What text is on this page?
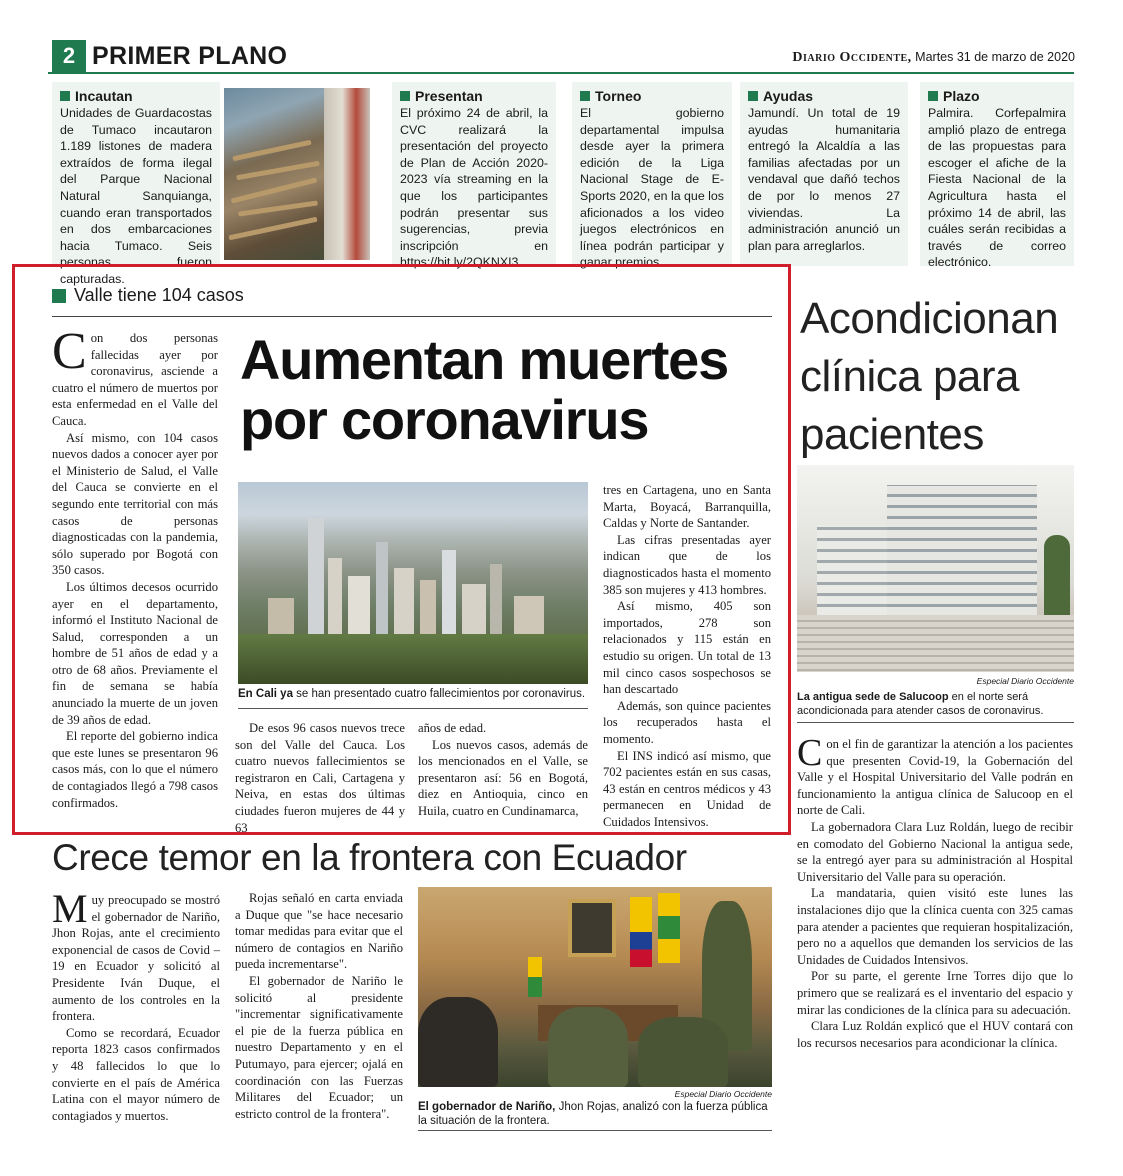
2 PRIMER PLANO	Diario Occidente, Martes 31 de marzo de 2020
Incautan

Unidades de Guardacostas de Tumaco incautaron 1.189 listones de madera extraídos de forma ilegal del Parque Nacional Natural Sanquianga, cuando eran transportados en dos embarcaciones hacia Tumaco. Seis personas fueron capturadas.

Presentan

El próximo 24 de abril, la CVC realizará la presentación del proyecto de Plan de Acción 2020-2023 vía streaming en la que los participantes podrán presentar sus sugerencias, previa inscripción en https://bit.ly/2QKNXI3

Torneo

El gobierno departamental impulsa desde ayer la primera edición de la Liga Nacional Stage de E-Sports 2020, en la que los aficionados a los video juegos electrónicos en línea podrán participar y ganar premios.

Ayudas

Jamundí. Un total de 19 ayudas humanitaria entregó la Alcaldía a las familias afectadas por un vendaval que dañó techos de por lo menos 27 viviendas. La administración anunció un plan para arreglarlos.

Plazo

Palmira. Corfepalmira amplió plazo de entrega de las propuestas para escoger el afiche de la Fiesta Nacional de la Agricultura hasta el próximo 14 de abril, las cuáles serán recibidas a través de correo electrónico.

Valle tiene 104 casos
Aumentan muertes por coronavirus

Con dos personas fallecidas ayer por coronavirus, asciende a cuatro el número de muertos por esta enfermedad en el Valle del Cauca.

Así mismo, con 104 casos nuevos dados a conocer ayer por el Ministerio de Salud, el Valle del Cauca se convierte en el segundo ente territorial con más casos de personas diagnosticadas con la pandemia, sólo superado por Bogotá con 350 casos.

Los últimos decesos ocurrido ayer en el departamento, informó el Instituto Nacional de Salud, corresponden a un hombre de 51 años de edad y a otro de 68 años. Previamente el fin de semana se había anunciado la muerte de un joven de 39 años de edad.

El reporte del gobierno indica que este lunes se presentaron 96 casos más, con lo que el número de contagiados llegó a 798 casos confirmados.

En Cali ya se han presentado cuatro fallecimientos por coronavirus.

De esos 96 casos nuevos trece son del Valle del Cauca. Los cuatro nuevos fallecimientos se registraron en Cali, Cartagena y Neiva, en estas dos últimas ciudades fueron mujeres de 44 y 63

años de edad.

Los nuevos casos, además de los mencionados en el Valle, se presentaron así: 56 en Bogotá, diez en Antioquia, cinco en Huila, cuatro en Cundinamarca,

tres en Cartagena, uno en Santa Marta, Boyacá, Barranquilla, Caldas y Norte de Santander.

Las cifras presentadas ayer indican que de los diagnosticados hasta el momento 385 son mujeres y 413 hombres.

Así mismo, 405 son importados, 278 son relacionados y 115 están en estudio su origen. Un total de 13 mil cinco casos sospechosos se han descartado

Además, son quince pacientes los recuperados hasta el momento.

El INS indicó así mismo, que 702 pacientes están en sus casas, 43 están en centros médicos y 43 permanecen en Unidad de Cuidados Intensivos.

Acondicionan clínica para pacientes
Especial Diario Occidente
La antigua sede de Salucoop en el norte será acondicionada para atender casos de coronavirus.

Con el fin de garantizar la atención a los pacientes que presenten Covid-19, la Gobernación del Valle y el Hospital Universitario del Valle podrán en funcionamiento la antigua clínica de Salucoop en el norte de Cali.

La gobernadora Clara Luz Roldán, luego de recibir en comodato del Gobierno Nacional la antigua sede, se la entregó ayer para su administración al Hospital Universitario del Valle para su operación.

La mandataria, quien visitó este lunes las instalaciones dijo que la clínica cuenta con 325 camas para atender a pacientes que requieran hospitalización, pero no a aquellos que demanden los servicios de las Unidades de Cuidados Intensivos.

Por su parte, el gerente Irne Torres dijo que lo primero que se realizará es el inventario del espacio y mirar las condiciones de la clínica para su adecuación.

Clara Luz Roldán explicó que el HUV contará con los recursos necesarios para acondicionar la clínica.

Crece temor en la frontera con Ecuador

Muy preocupado se mostró el gobernador de Nariño, Jhon Rojas, ante el crecimiento exponencial de casos de Covid – 19 en Ecuador y solicitó al Presidente Iván Duque, el aumento de los controles en la frontera.

Como se recordará, Ecuador reporta 1823 casos confirmados y 48 fallecidos lo que lo convierte en el país de América Latina con el mayor número de contagiados y muertos.

Rojas señaló en carta enviada a Duque que "se hace necesario tomar medidas para evitar que el número de contagios en Nariño pueda incrementarse".

El gobernador de Nariño le solicitó al presidente "incrementar significativamente el pie de la fuerza pública en nuestro Departamento y en el Putumayo, para ejercer; ojalá en coordinación con las Fuerzas Militares del Ecuador; un estricto control de la frontera".

Especial Diario Occidente
El gobernador de Nariño, Jhon Rojas, analizó con la fuerza pública la situación de la frontera.
